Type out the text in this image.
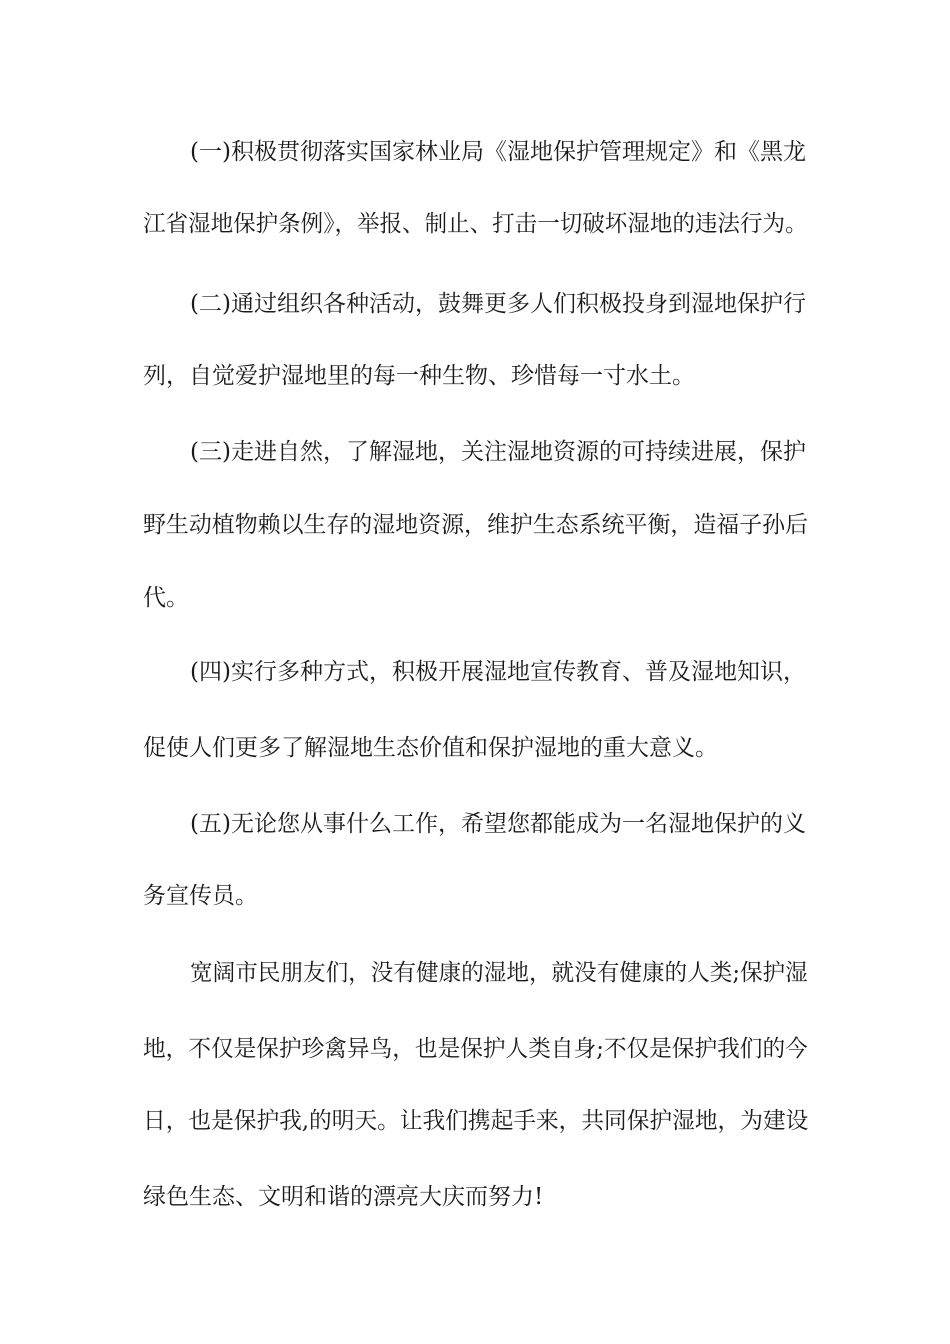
(一)积极贯彻落实国家林业局《湿地保护管理规定》和《黑龙
江省湿地保护条例》，举报、制止、打击一切破坏湿地的违法行为。
(二)通过组织各种活动，鼓舞更多人们积极投身到湿地保护行
列，自觉爱护湿地里的每一种生物、珍惜每一寸水土。
(三)走进自然，了解湿地，关注湿地资源的可持续进展，保护
野生动植物赖以生存的湿地资源，维护生态系统平衡，造福子孙后
代。
(四)实行多种方式，积极开展湿地宣传教育、普及湿地知识，
促使人们更多了解湿地生态价值和保护湿地的重大意义。
(五)无论您从事什么工作，希望您都能成为一名湿地保护的义
务宣传员。
宽阔市民朋友们，没有健康的湿地，就没有健康的人类;保护湿
地，不仅是保护珍禽异鸟，也是保护人类自身;不仅是保护我们的今
日，也是保护我,的明天。让我们携起手来，共同保护湿地，为建设
绿色生态、文明和谐的漂亮大庆而努力!
